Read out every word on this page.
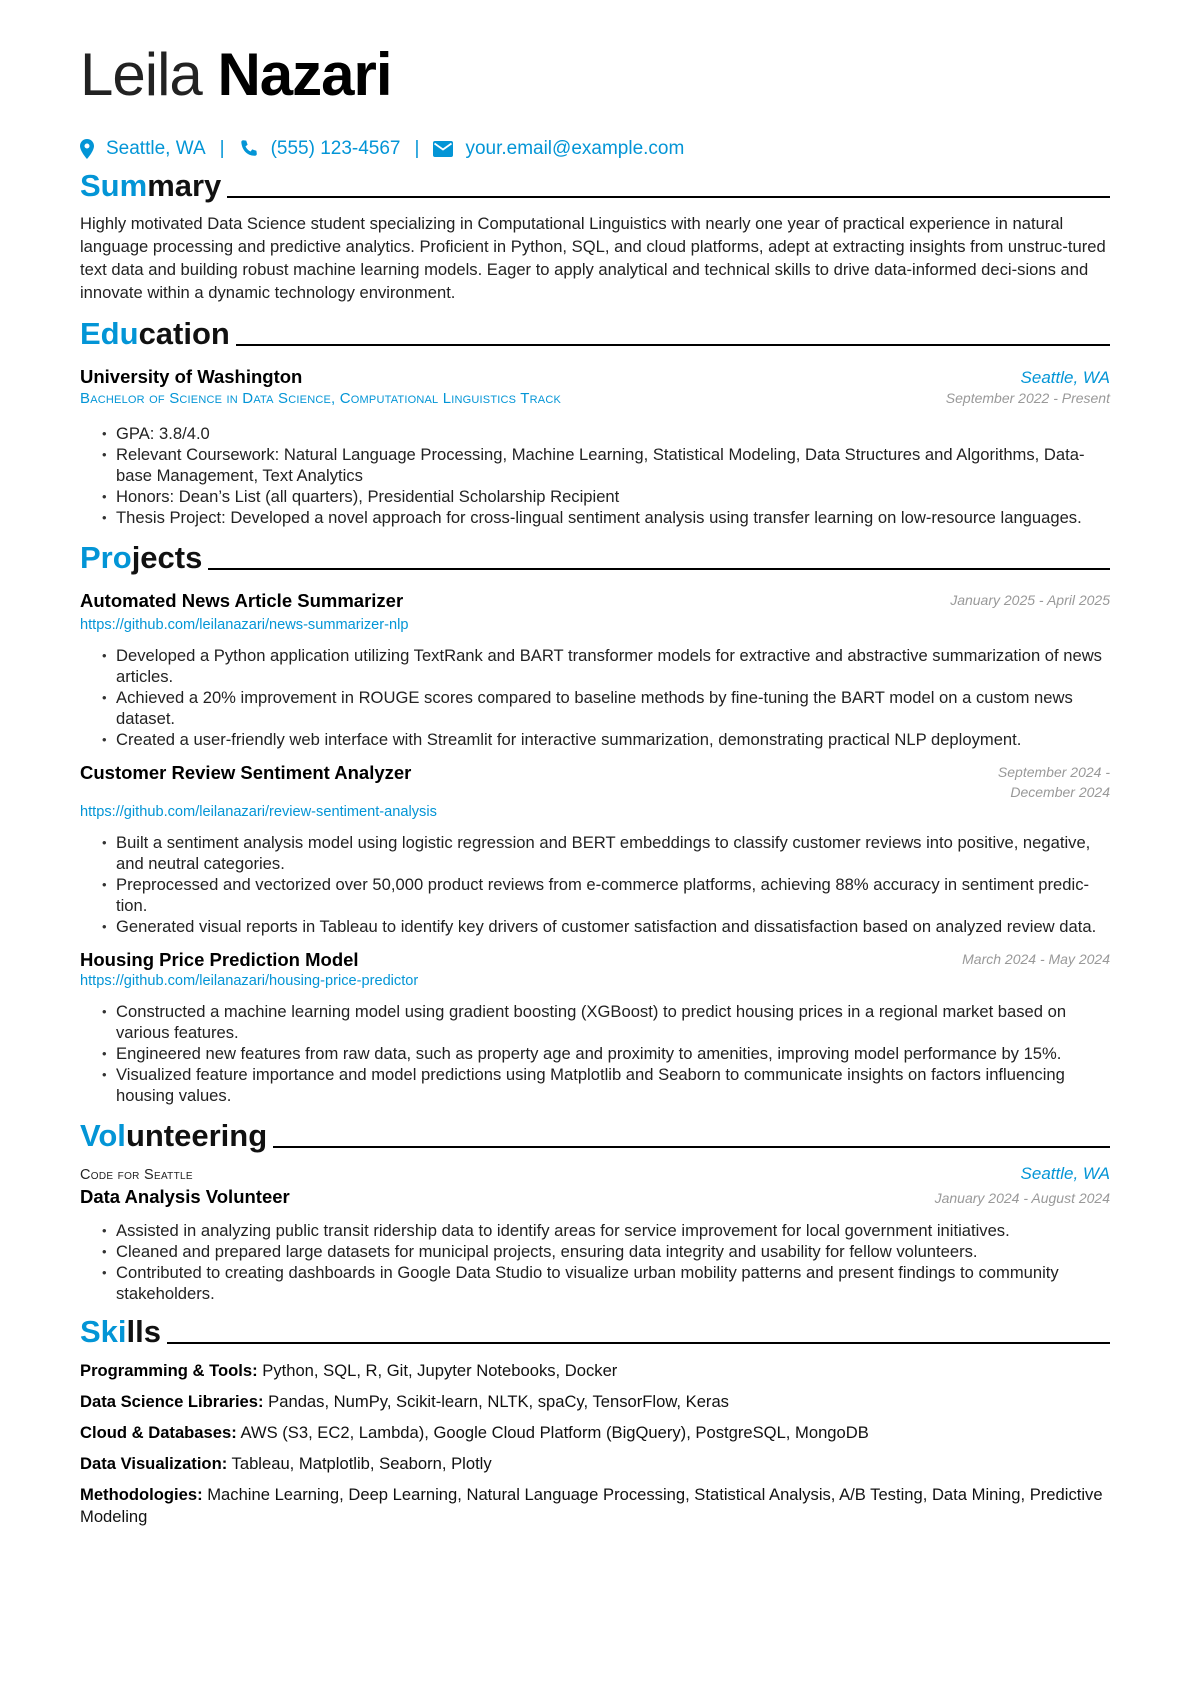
Leila Nazari
Seattle, WA | (555) 123-4567 | your.email@example.com
Summary

Highly motivated Data Science student specializing in Computational Linguistics with nearly one year of practical experience in natural language processing and predictive analytics. Proficient in Python, SQL, and cloud platforms, adept at extracting insights from unstruc-tured text data and building robust machine learning models. Eager to apply analytical and technical skills to drive data-informed deci-sions and innovate within a dynamic technology environment.

Education
University of Washington	Seattle, WA
Bachelor of Science in Data Science, Computational Linguistics Track	September 2022 - Present
• GPA: 3.8/4.0
• Relevant Coursework: Natural Language Processing, Machine Learning, Statistical Modeling, Data Structures and Algorithms, Data-base Management, Text Analytics
• Honors: Dean’s List (all quarters), Presidential Scholarship Recipient
• Thesis Project: Developed a novel approach for cross-lingual sentiment analysis using transfer learning on low-resource languages.
Projects
Automated News Article Summarizer	January 2025 - April 2025
https://github.com/leilanazari/news-summarizer-nlp
• Developed a Python application utilizing TextRank and BART transformer models for extractive and abstractive summarization of news articles.
• Achieved a 20% improvement in ROUGE scores compared to baseline methods by fine-tuning the BART model on a custom news dataset.
• Created a user-friendly web interface with Streamlit for interactive summarization, demonstrating practical NLP deployment.
Customer Review Sentiment Analyzer	September 2024 - December 2024
https://github.com/leilanazari/review-sentiment-analysis
• Built a sentiment analysis model using logistic regression and BERT embeddings to classify customer reviews into positive, negative, and neutral categories.
• Preprocessed and vectorized over 50,000 product reviews from e-commerce platforms, achieving 88% accuracy in sentiment predic-tion.
• Generated visual reports in Tableau to identify key drivers of customer satisfaction and dissatisfaction based on analyzed review data.
Housing Price Prediction Model	March 2024 - May 2024
https://github.com/leilanazari/housing-price-predictor
• Constructed a machine learning model using gradient boosting (XGBoost) to predict housing prices in a regional market based on various features.
• Engineered new features from raw data, such as property age and proximity to amenities, improving model performance by 15%.
• Visualized feature importance and model predictions using Matplotlib and Seaborn to communicate insights on factors influencing housing values.
Volunteering
Code for Seattle	Seattle, WA
Data Analysis Volunteer	January 2024 - August 2024
• Assisted in analyzing public transit ridership data to identify areas for service improvement for local government initiatives.
• Cleaned and prepared large datasets for municipal projects, ensuring data integrity and usability for fellow volunteers.
• Contributed to creating dashboards in Google Data Studio to visualize urban mobility patterns and present findings to community stakeholders.
Skills
Programming & Tools: Python, SQL, R, Git, Jupyter Notebooks, Docker
Data Science Libraries: Pandas, NumPy, Scikit-learn, NLTK, spaCy, TensorFlow, Keras
Cloud & Databases: AWS (S3, EC2, Lambda), Google Cloud Platform (BigQuery), PostgreSQL, MongoDB
Data Visualization: Tableau, Matplotlib, Seaborn, Plotly
Methodologies: Machine Learning, Deep Learning, Natural Language Processing, Statistical Analysis, A/B Testing, Data Mining, Predictive Modeling
